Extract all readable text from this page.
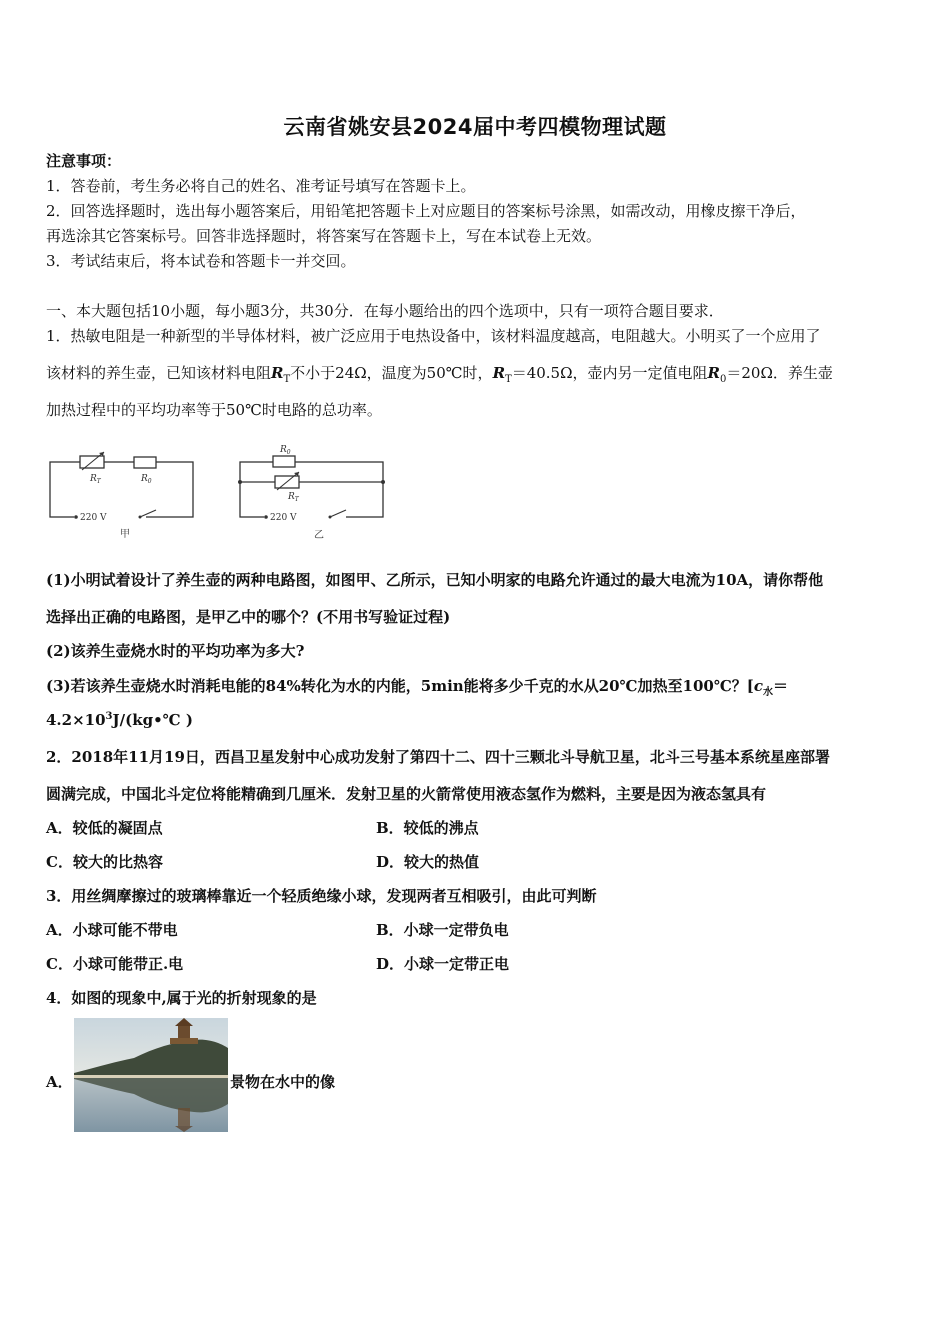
云南省姚安县2024届中考四模物理试题
注意事项：
1．答卷前，考生务必将自己的姓名、准考证号填写在答题卡上。
2．回答选择题时，选出每小题答案后，用铅笔把答题卡上对应题目的答案标号涂黑，如需改动，用橡皮擦干净后，
再选涂其它答案标号。回答非选择题时，将答案写在答题卡上，写在本试卷上无效。
3．考试结束后，将本试卷和答题卡一并交回。
一、本大题包括10小题，每小题3分，共30分．在每小题给出的四个选项中，只有一项符合题目要求．
1．热敏电阻是一种新型的半导体材料，被广泛应用于电热设备中，该材料温度越高，电阻越大。小明买了一个应用了
该材料的养生壶，已知该材料电阻$R_T$不小于24Ω，温度为50℃时，$R_T=40.5\Omega$，壶内另一定值电阻$R_0=20\Omega$．养生壶
加热过程中的平均功率等于50℃时电路的总功率。
$R_T$	$R_0$
220 V
甲
$R_0$
$R_T$
220 V
乙
(1)小明试着设计了养生壶的两种电路图，如图甲、乙所示，已知小明家的电路允许通过的最大电流为10A，请你帮他
选择出正确的电路图，是甲乙中的哪个？(不用书写验证过程)
(2)该养生壶烧水时的平均功率为多大?
(3)若该养生壶烧水时消耗电能的84%转化为水的内能，5min能将多少千克的水从20℃加热至100℃？[$c_水=$
$4.2\times 10^3J/(kg•℃$ )
2．2018年11月19日，西昌卫星发射中心成功发射了第四十二、四十三颗北斗导航卫星，北斗三号基本系统星座部署
圆满完成，中国北斗定位将能精确到几厘米．发射卫星的火箭常使用液态氢作为燃料，主要是因为液态氢具有
A．较低的凝固点	B．较低的沸点
C．较大的比热容	D．较大的热值
3．用丝绸摩擦过的玻璃棒靠近一个轻质绝缘小球，发现两者互相吸引，由此可判断
A．小球可能不带电	B．小球一定带负电
C．小球可能带正.电	D．小球一定带正电
4．如图的现象中,属于光的折射现象的是
A．	景物在水中的像
